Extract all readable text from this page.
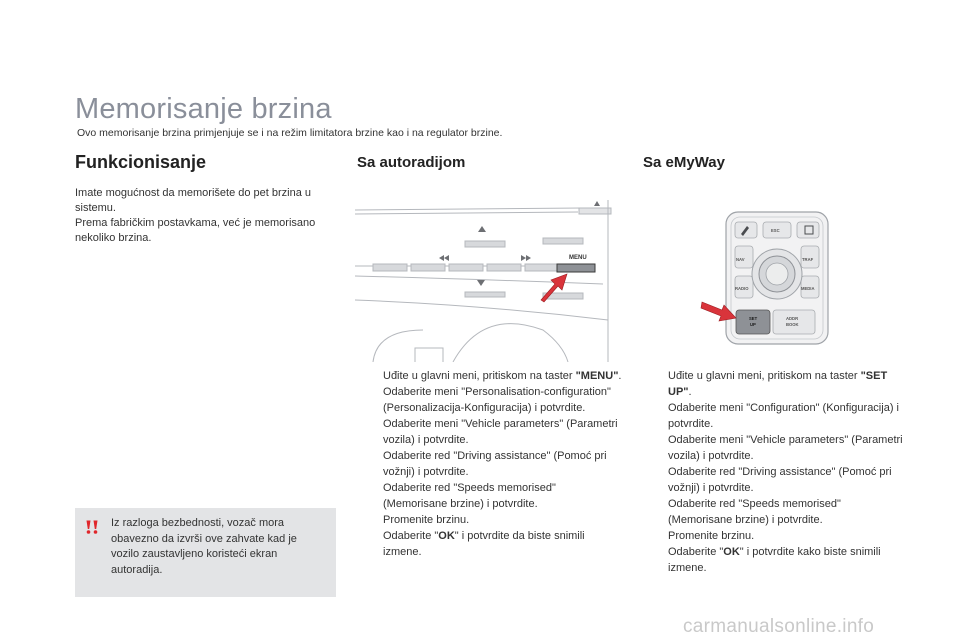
Memorisanje brzina

Ovo memorisanje brzina primjenjuje se i na režim limitatora brzine kao i na regulator brzine.

Funkcionisanje

Imate mogućnost da memorišete do pet brzina u sistemu.

Prema fabričkim postavkama, već je memorisano nekoliko brzina.

Iz razloga bezbednosti, vozač mora obavezno da izvrši ove zahvate kad je vozilo zaustavljeno koristeći ekran autoradija.

Sa autoradijom
MENU
Uđite u glavni meni, pritiskom na taster "MENU".
Odaberite meni "Personalisation-configuration" (Personalizacija-Konfiguracija) i potvrdite.
Odaberite meni "Vehicle parameters" (Parametri vozila) i potvrdite.
Odaberite red "Driving assistance" (Pomoć pri vožnji) i potvrdite.
Odaberite red "Speeds memorised" (Memorisane brzine) i potvrdite.
Promenite brzinu.
Odaberite "OK" i potvrdite da biste snimili izmene.
Sa eMyWay
ESC
NAV	TRAF
RADIO	MEDIA
ADDR
BOOK
SET
UP
Uđite u glavni meni, pritiskom na taster "SET UP".
Odaberite meni "Configuration" (Konfiguracija) i potvrdite.
Odaberite meni "Vehicle parameters" (Parametri vozila) i potvrdite.
Odaberite red "Driving assistance" (Pomoć pri vožnji) i potvrdite.
Odaberite red "Speeds memorised" (Memorisane brzine) i potvrdite.
Promenite brzinu.
Odaberite "OK" i potvrdite kako biste snimili izmene.
carmanualsonline.info
